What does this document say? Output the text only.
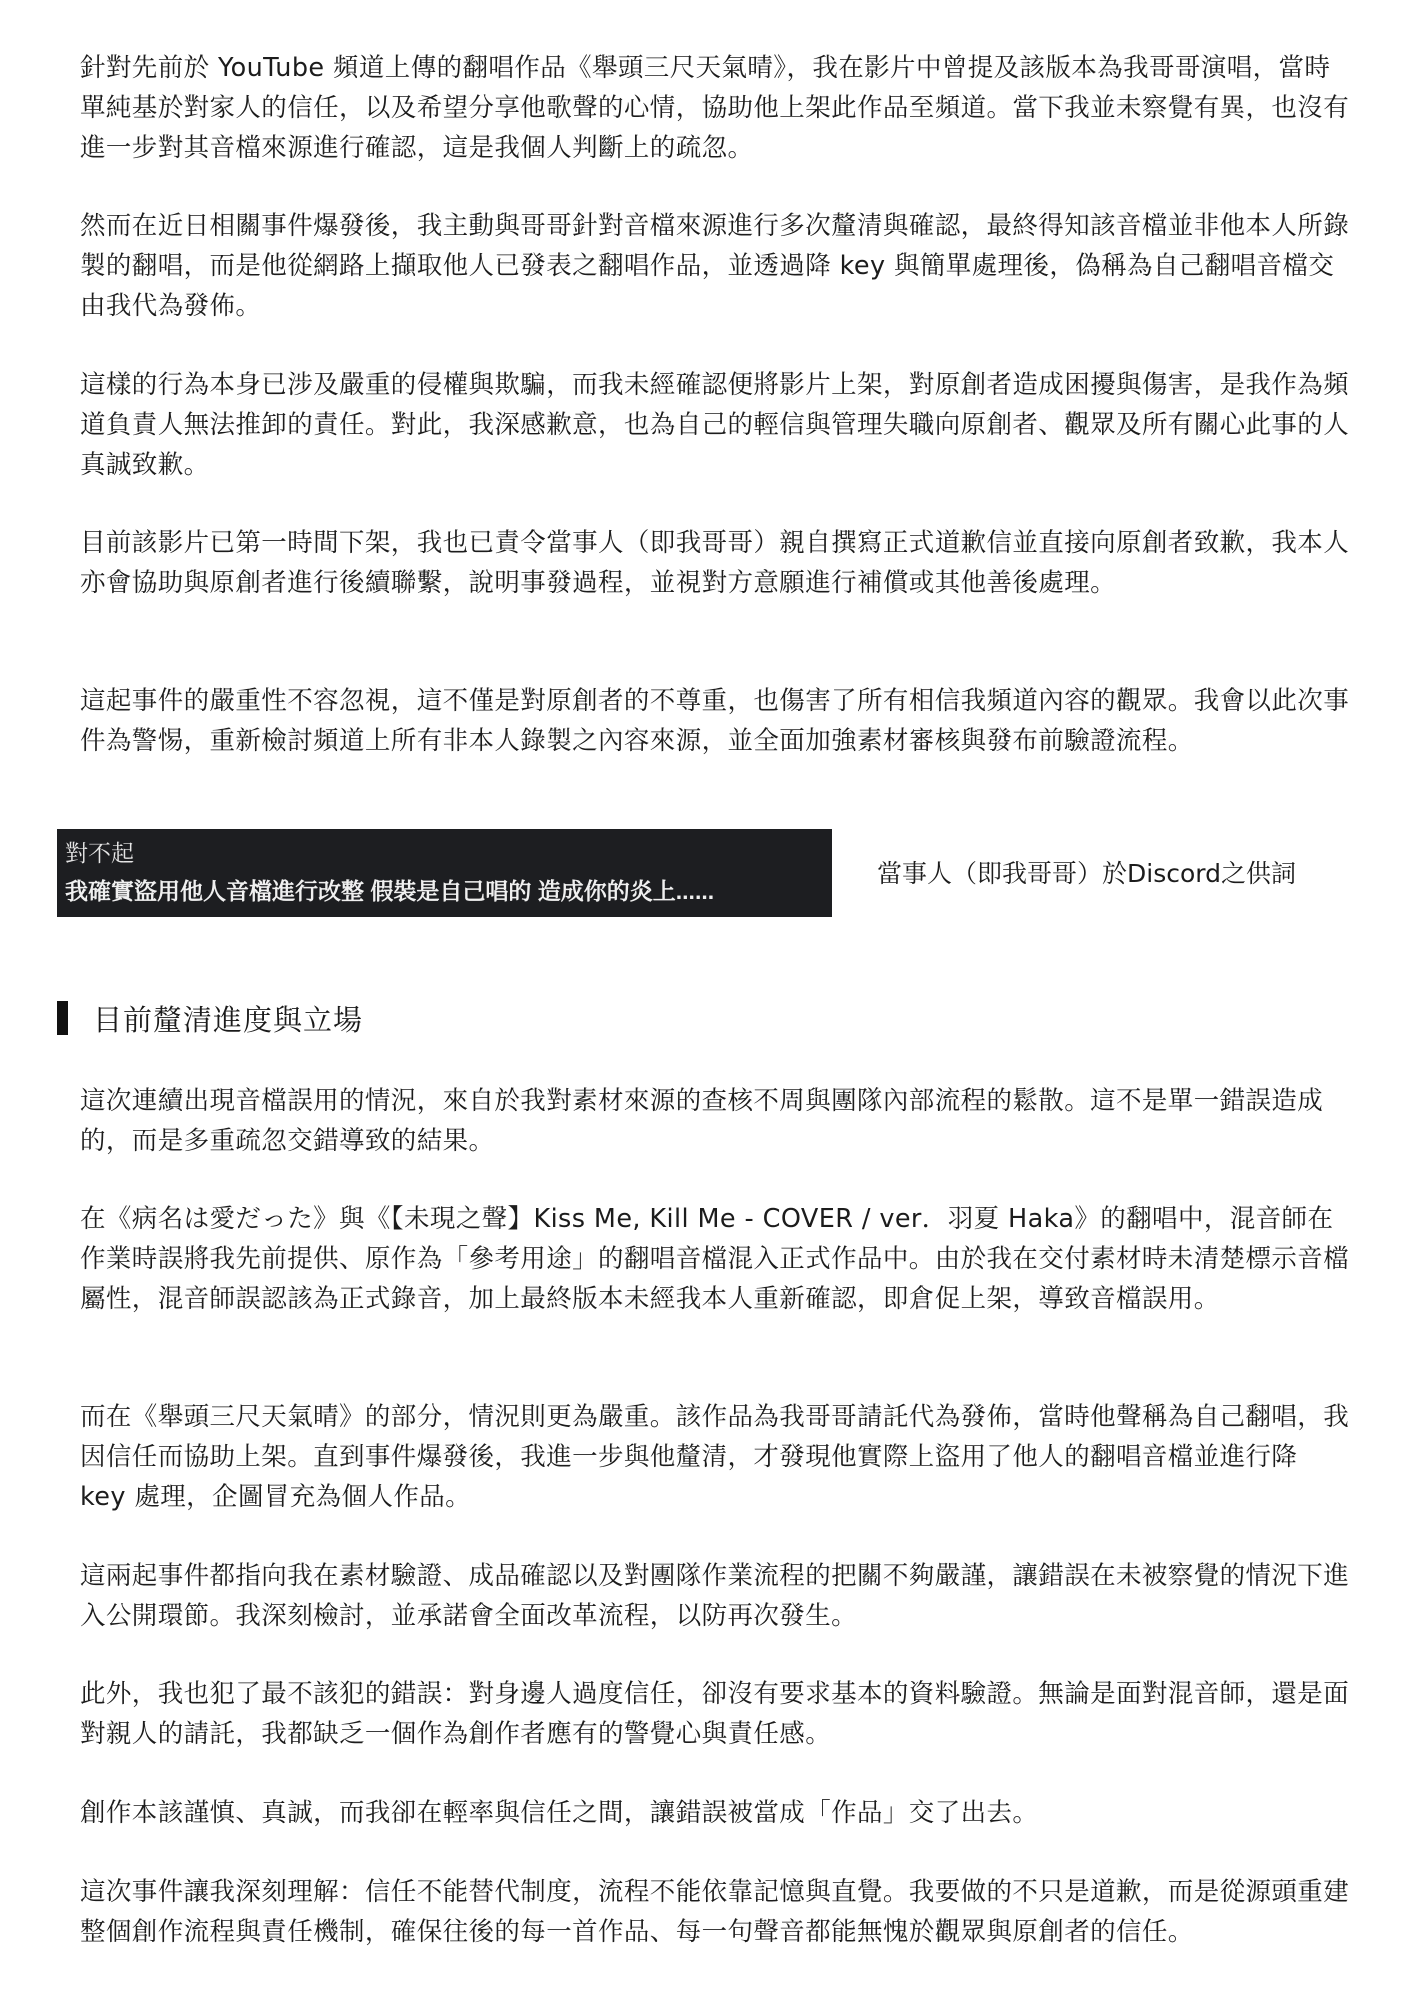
針對先前於 YouTube 頻道上傳的翻唱作品《舉頭三尺天氣晴》，我在影片中曾提及該版本為我哥哥演唱，當時單純基於對家人的信任，以及希望分享他歌聲的心情，協助他上架此作品至頻道。當下我並未察覺有異，也沒有進一步對其音檔來源進行確認，這是我個人判斷上的疏忽。

然而在近日相關事件爆發後，我主動與哥哥針對音檔來源進行多次釐清與確認，最終得知該音檔並非他本人所錄製的翻唱，而是他從網路上擷取他人已發表之翻唱作品，並透過降 key 與簡單處理後，偽稱為自己翻唱音檔交由我代為發佈。

這樣的行為本身已涉及嚴重的侵權與欺騙，而我未經確認便將影片上架，對原創者造成困擾與傷害，是我作為頻道負責人無法推卸的責任。對此，我深感歉意，也為自己的輕信與管理失職向原創者、觀眾及所有關心此事的人真誠致歉。

目前該影片已第一時間下架，我也已責令當事人（即我哥哥）親自撰寫正式道歉信並直接向原創者致歉，我本人亦會協助與原創者進行後續聯繫，說明事發過程，並視對方意願進行補償或其他善後處理。

這起事件的嚴重性不容忽視，這不僅是對原創者的不尊重，也傷害了所有相信我頻道內容的觀眾。我會以此次事件為警惕，重新檢討頻道上所有非本人錄製之內容來源，並全面加強素材審核與發布前驗證流程。

對不起
我確實盜用他人音檔進行改整 假裝是自己唱的 造成你的炎上......
當事人（即我哥哥）於Discord之供詞
目前釐清進度與立場

這次連續出現音檔誤用的情況，來自於我對素材來源的查核不周與團隊內部流程的鬆散。這不是單一錯誤造成的，而是多重疏忽交錯導致的結果。

在《病名は愛だった》與《【未現之聲】Kiss Me, Kill Me - COVER / ver．羽夏 Haka》的翻唱中，混音師在作業時誤將我先前提供、原作為「參考用途」的翻唱音檔混入正式作品中。由於我在交付素材時未清楚標示音檔屬性，混音師誤認該為正式錄音，加上最終版本未經我本人重新確認，即倉促上架，導致音檔誤用。

而在《舉頭三尺天氣晴》的部分，情況則更為嚴重。該作品為我哥哥請託代為發佈，當時他聲稱為自己翻唱，我因信任而協助上架。直到事件爆發後，我進一步與他釐清，才發現他實際上盜用了他人的翻唱音檔並進行降 key 處理，企圖冒充為個人作品。

這兩起事件都指向我在素材驗證、成品確認以及對團隊作業流程的把關不夠嚴謹，讓錯誤在未被察覺的情況下進入公開環節。我深刻檢討，並承諾會全面改革流程，以防再次發生。

此外，我也犯了最不該犯的錯誤：對身邊人過度信任，卻沒有要求基本的資料驗證。無論是面對混音師，還是面對親人的請託，我都缺乏一個作為創作者應有的警覺心與責任感。

創作本該謹慎、真誠，而我卻在輕率與信任之間，讓錯誤被當成「作品」交了出去。

這次事件讓我深刻理解：信任不能替代制度，流程不能依靠記憶與直覺。我要做的不只是道歉，而是從源頭重建整個創作流程與責任機制，確保往後的每一首作品、每一句聲音都能無愧於觀眾與原創者的信任。
